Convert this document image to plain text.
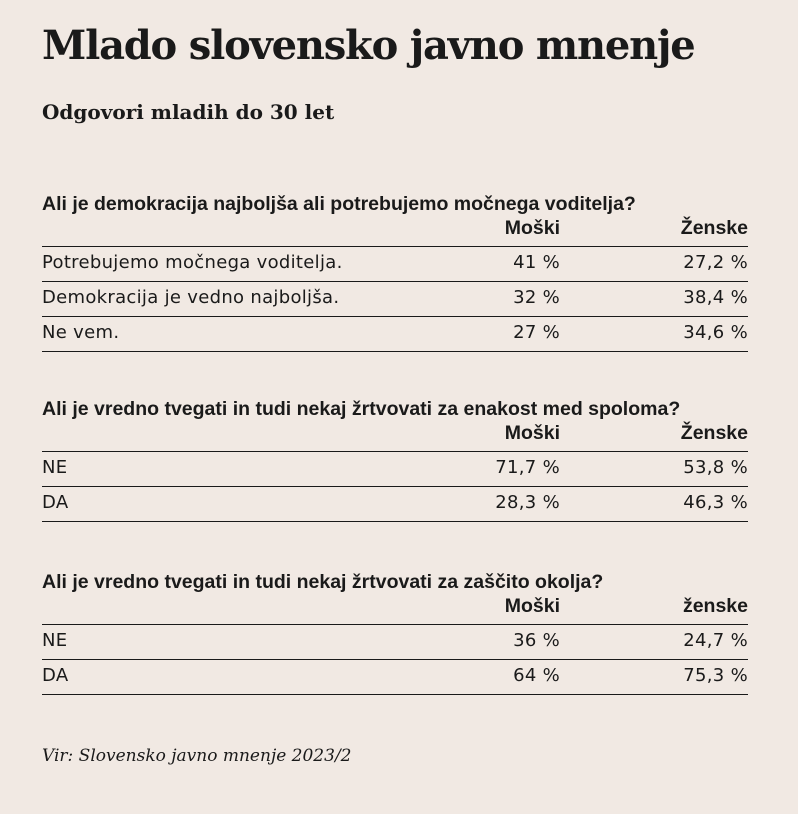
Mlado slovensko javno mnenje
Odgovori mladih do 30 let
Ali je demokracija najboljša ali potrebujemo močnega voditelja?
Moški	Ženske
Potrebujemo močnega voditelja.	41 %	27,2 %
Demokracija je vedno najboljša.	32 %	38,4 %
Ne vem.	27 %	34,6 %
Ali je vredno tvegati in tudi nekaj žrtvovati za enakost med spoloma?
Moški	Ženske
NE	71,7 %	53,8 %
DA	28,3 %	46,3 %
Ali je vredno tvegati in tudi nekaj žrtvovati za zaščito okolja?
Moški	ženske
NE	36 %	24,7 %
DA	64 %	75,3 %
Vir: Slovensko javno mnenje 2023/2
